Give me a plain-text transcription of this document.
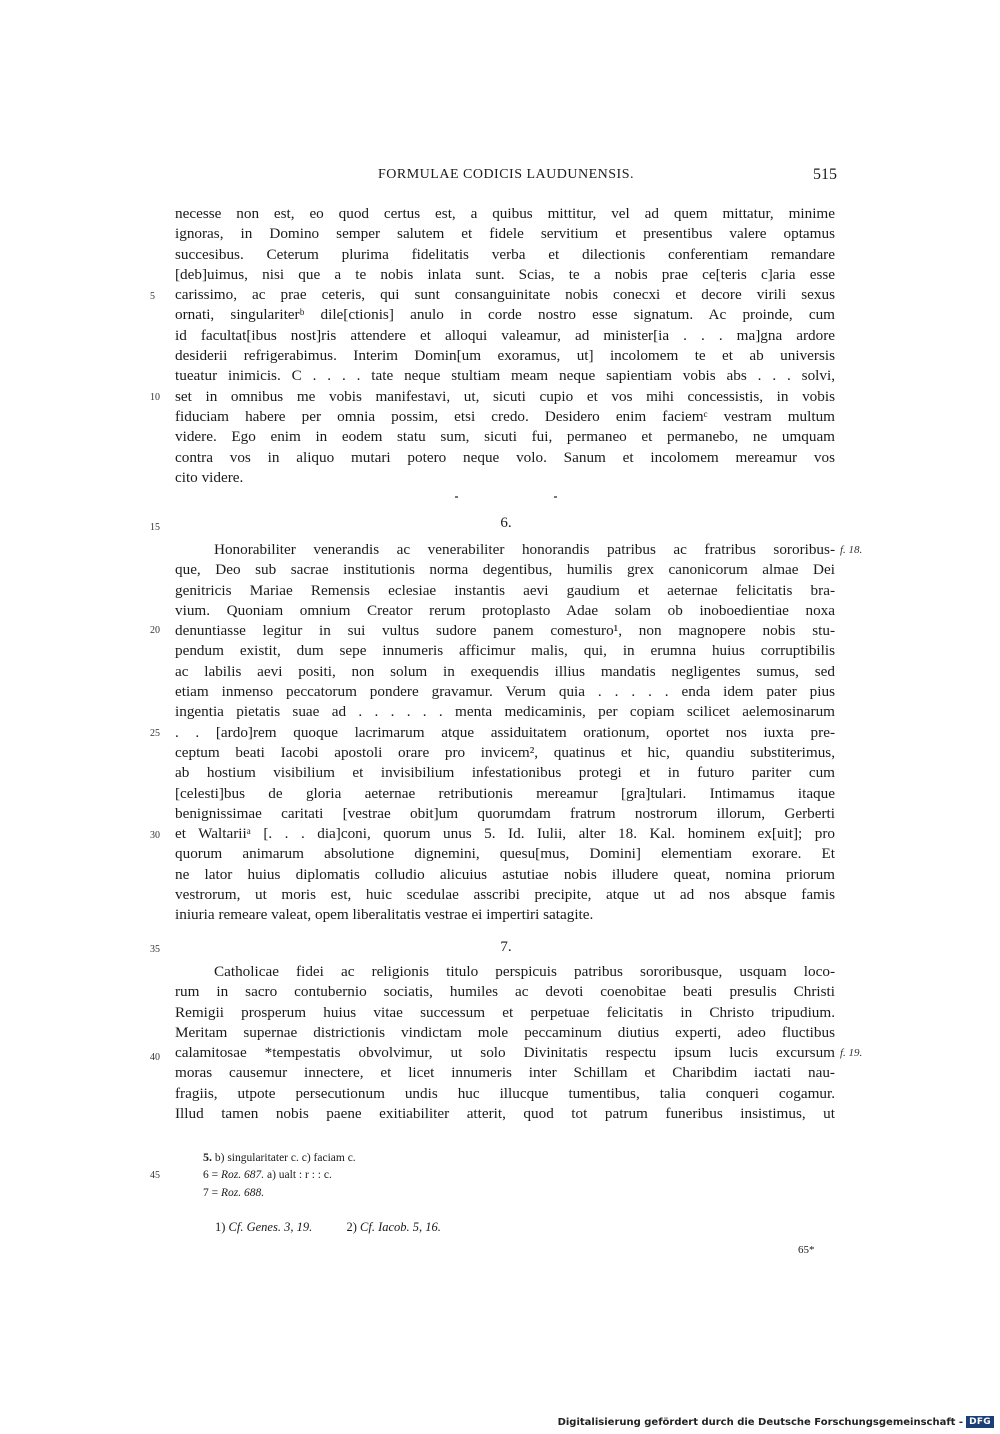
FORMULAE CODICIS LAUDUNENSIS.	515
necesse non est, eo quod certus est, a quibus mittitur, vel ad quem mittatur, minime
ignoras, in Domino semper salutem et fidele servitium et presentibus valere optamus
succesibus. Ceterum plurima fidelitatis verba et dilectionis conferentiam remandare
[deb]uimus, nisi que a te nobis inlata sunt. Scias, te a nobis prae ce[teris c]aria esse
carissimo, ac prae ceteris, qui sunt consanguinitate nobis conecxi et decore virili sexus
ornati, singulariterᵇ dile[ctionis] anulo in corde nostro esse signatum. Ac proinde, cum
id facultat[ibus nost]ris attendere et alloqui valeamur, ad minister[ia . . . ma]gna ardore
desiderii refrigerabimus. Interim Domin[um exoramus, ut] incolomem te et ab universis
tueatur inimicis. C . . . . tate neque stultiam meam neque sapientiam vobis abs . . . solvi,
set in omnibus me vobis manifestavi, ut, sicuti cupio et vos mihi concessistis, in vobis
fiduciam habere per omnia possim, etsi credo. Desidero enim faciemᶜ vestram multum
videre. Ego enim in eodem statu sum, sicuti fui, permaneo et permanebo, ne umquam
contra vos in aliquo mutari potero neque volo. Sanum et incolomem mereamur vos
cito videre.
6.
Honorabiliter venerandis ac venerabiliter honorandis patribus ac fratribus sororibus-
que, Deo sub sacrae institutionis norma degentibus, humilis grex canonicorum almae Dei
genitricis Mariae Remensis eclesiae instantis aevi gaudium et aeternae felicitatis bra-
vium. Quoniam omnium Creator rerum protoplasto Adae solam ob inoboedientiae noxa
denuntiasse legitur in sui vultus sudore panem comesturo¹, non magnopere nobis stu-
pendum existit, dum sepe innumeris afficimur malis, qui, in erumna huius corruptibilis
ac labilis aevi positi, non solum in exequendis illius mandatis negligentes sumus, sed
etiam inmenso peccatorum pondere gravamur. Verum quia . . . . . enda idem pater pius
ingentia pietatis suae ad . . . . . . menta medicaminis, per copiam scilicet aelemosinarum
. . [ardo]rem quoque lacrimarum atque assiduitatem orationum, oportet nos iuxta pre-
ceptum beati Iacobi apostoli orare pro invicem², quatinus et hic, quandiu substiterimus,
ab hostium visibilium et invisibilium infestationibus protegi et in futuro pariter cum
[celesti]bus de gloria aeternae retributionis mereamur [gra]tulari. Intimamus itaque
benignissimae caritati [vestrae obit]um quorumdam fratrum nostrorum illorum, Gerberti
et Waltariiᵃ [. . . dia]coni, quorum unus 5. Id. Iulii, alter 18. Kal. hominem ex[uit]; pro
quorum animarum absolutione dignemini, quesu[mus, Domini] elementiam exorare. Et
ne lator huius diplomatis colludio alicuius astutiae nobis illudere queat, nomina priorum
vestrorum, ut moris est, huic scedulae asscribi precipite, atque ut ad nos absque famis
iniuria remeare valeat, opem liberalitatis vestrae ei impertiri satagite.
f. 18.
7.
Catholicae fidei ac religionis titulo perspicuis patribus sororibusque, usquam loco-
rum in sacro contubernio sociatis, humiles ac devoti coenobitae beati presulis Christi
Remigii prosperum huius vitae successum et perpetuae felicitatis in Christo tripudium.
Meritam supernae districtionis vindictam mole peccaminum diutius experti, adeo fluctibus
calamitosae *tempestatis obvolvimur, ut solo Divinitatis respectu ipsum lucis excursum
moras causemur innectere, et licet innumeris inter Schillam et Charibdim iactati nau-
fragiis, utpote persecutionum undis huc illucque tumentibus, talia conqueri cogamur.
Illud tamen nobis paene exitiabiliter atterit, quod tot patrum funeribus insistimus, ut
f. 19.
5
10
15
20
25
30
35
40
45
5. b) singularitater c. c) faciam c.
6 = Roz. 687. a) ualt : r : : c.
7 = Roz. 688.
1) Cf. Genes. 3, 19.	2) Cf. Iacob. 5, 16.
65*
Digitalisierung gefördert durch die Deutsche Forschungsgemeinschaft - DFG
